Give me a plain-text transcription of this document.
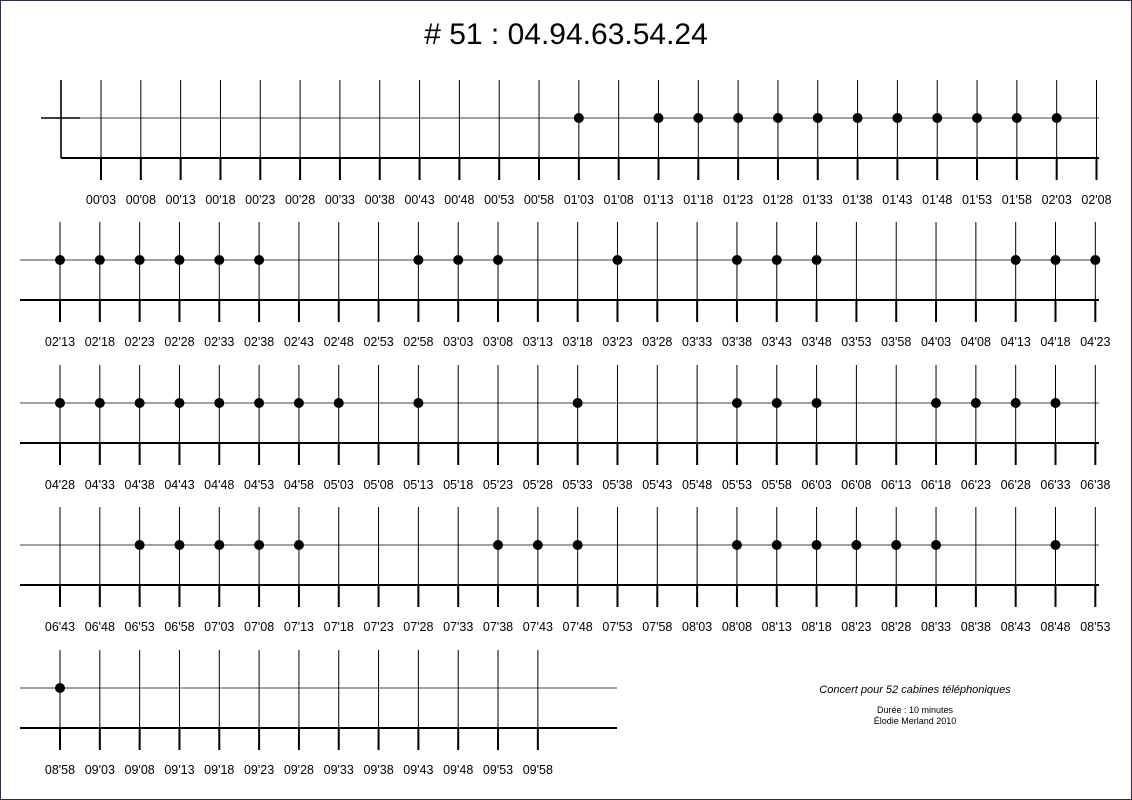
# 51 : 04.94.63.54.24
00'03 00'08 00'13 00'18 00'23 00'28 00'33 00'38 00'43 00'48 00'53 00'58 01'03 01'08 01'13 01'18 01'23 01'28 01'33 01'38 01'43 01'48 01'53 01'58 02'03 02'08
02'13 02'18 02'23 02'28 02'33 02'38 02'43 02'48 02'53 02'58 03'03 03'08 03'13 03'18 03'23 03'28 03'33 03'38 03'43 03'48 03'53 03'58 04'03 04'08 04'13 04'18 04'23
04'28 04'33 04'38 04'43 04'48 04'53 04'58 05'03 05'08 05'13 05'18 05'23 05'28 05'33 05'38 05'43 05'48 05'53 05'58 06'03 06'08 06'13 06'18 06'23 06'28 06'33 06'38
06'43 06'48 06'53 06'58 07'03 07'08 07'13 07'18 07'23 07'28 07'33 07'38 07'43 07'48 07'53 07'58 08'03 08'08 08'13 08'18 08'23 08'28 08'33 08'38 08'43 08'48 08'53
08'58 09'03 09'08 09'13 09'18 09'23 09'28 09'33 09'38 09'43 09'48 09'53 09'58
Concert pour 52 cabines téléphoniques
Durée : 10 minutes
Élodie Merland 2010
